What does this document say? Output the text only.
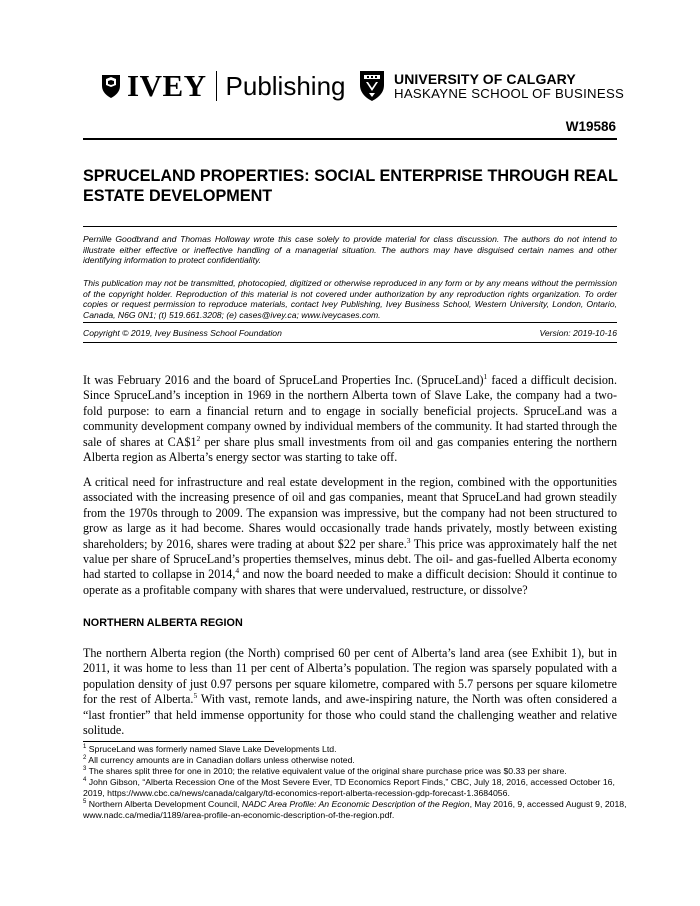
IVEY Publishing	UNIVERSITY OF CALGARY
HASKAYNE SCHOOL OF BUSINESS
W19586
SPRUCELAND PROPERTIES: SOCIAL ENTERPRISE THROUGH REAL ESTATE DEVELOPMENT
Pernille Goodbrand and Thomas Holloway wrote this case solely to provide material for class discussion. The authors do not intend to illustrate either effective or ineffective handling of a managerial situation. The authors may have disguised certain names and other identifying information to protect confidentiality.
This publication may not be transmitted, photocopied, digitized or otherwise reproduced in any form or by any means without the permission of the copyright holder. Reproduction of this material is not covered under authorization by any reproduction rights organization. To order copies or request permission to reproduce materials, contact Ivey Publishing, Ivey Business School, Western University, London, Ontario, Canada, N6G 0N1; (t) 519.661.3208; (e) cases@ivey.ca; www.iveycases.com.
Copyright © 2019, Ivey Business School Foundation	Version: 2019-10-16
It was February 2016 and the board of SpruceLand Properties Inc. (SpruceLand)$^1$ faced a difficult decision. Since SpruceLand’s inception in 1969 in the northern Alberta town of Slave Lake, the company had a two-fold purpose: to earn a financial return and to engage in socially beneficial projects. SpruceLand was a community development company owned by individual members of the community. It had started through the sale of shares at $CA\$1^2$ per share plus small investments from oil and gas companies entering the northern Alberta region as Alberta’s energy sector was starting to take off.
A critical need for infrastructure and real estate development in the region, combined with the opportunities associated with the increasing presence of oil and gas companies, meant that SpruceLand had grown steadily from the 1970s through to 2009. The expansion was impressive, but the company had not been structured to grow as large as it had become. Shares would occasionally trade hands privately, mostly between existing shareholders; by 2016, shares were trading at about $22 per share.$^3$ This price was approximately half the net value per share of SpruceLand’s properties themselves, minus debt. The oil- and gas-fuelled Alberta economy had started to collapse in 2014,$^4$ and now the board needed to make a difficult decision: Should it continue to operate as a profitable company with shares that were undervalued, restructure, or dissolve?
NORTHERN ALBERTA REGION
The northern Alberta region (the North) comprised 60 per cent of Alberta’s land area (see Exhibit 1), but in 2011, it was home to less than 11 per cent of Alberta’s population. The region was sparsely populated with a population density of just 0.97 persons per square kilometre, compared with 5.7 persons per square kilometre for the rest of Alberta.$^5$ With vast, remote lands, and awe-inspiring nature, the North was often considered a “last frontier” that held immense opportunity for those who could stand the challenging weather and relative solitude.
$^1$ SpruceLand was formerly named Slave Lake Developments Ltd.
$^2$ All currency amounts are in Canadian dollars unless otherwise noted.
$^3$ The shares split three for one in 2010; the relative equivalent value of the original share purchase price was $0.33 per share.
$^4$ John Gibson, “Alberta Recession One of the Most Severe Ever, TD Economics Report Finds,” CBC, July 18, 2016, accessed October 16, 2019, https://www.cbc.ca/news/canada/calgary/td-economics-report-alberta-recession-gdp-forecast-1.3684056.
$^5$ Northern Alberta Development Council, NADC Area Profile: An Economic Description of the Region, May 2016, 9, accessed August 9, 2018, www.nadc.ca/media/1189/area-profile-an-economic-description-of-the-region.pdf.
